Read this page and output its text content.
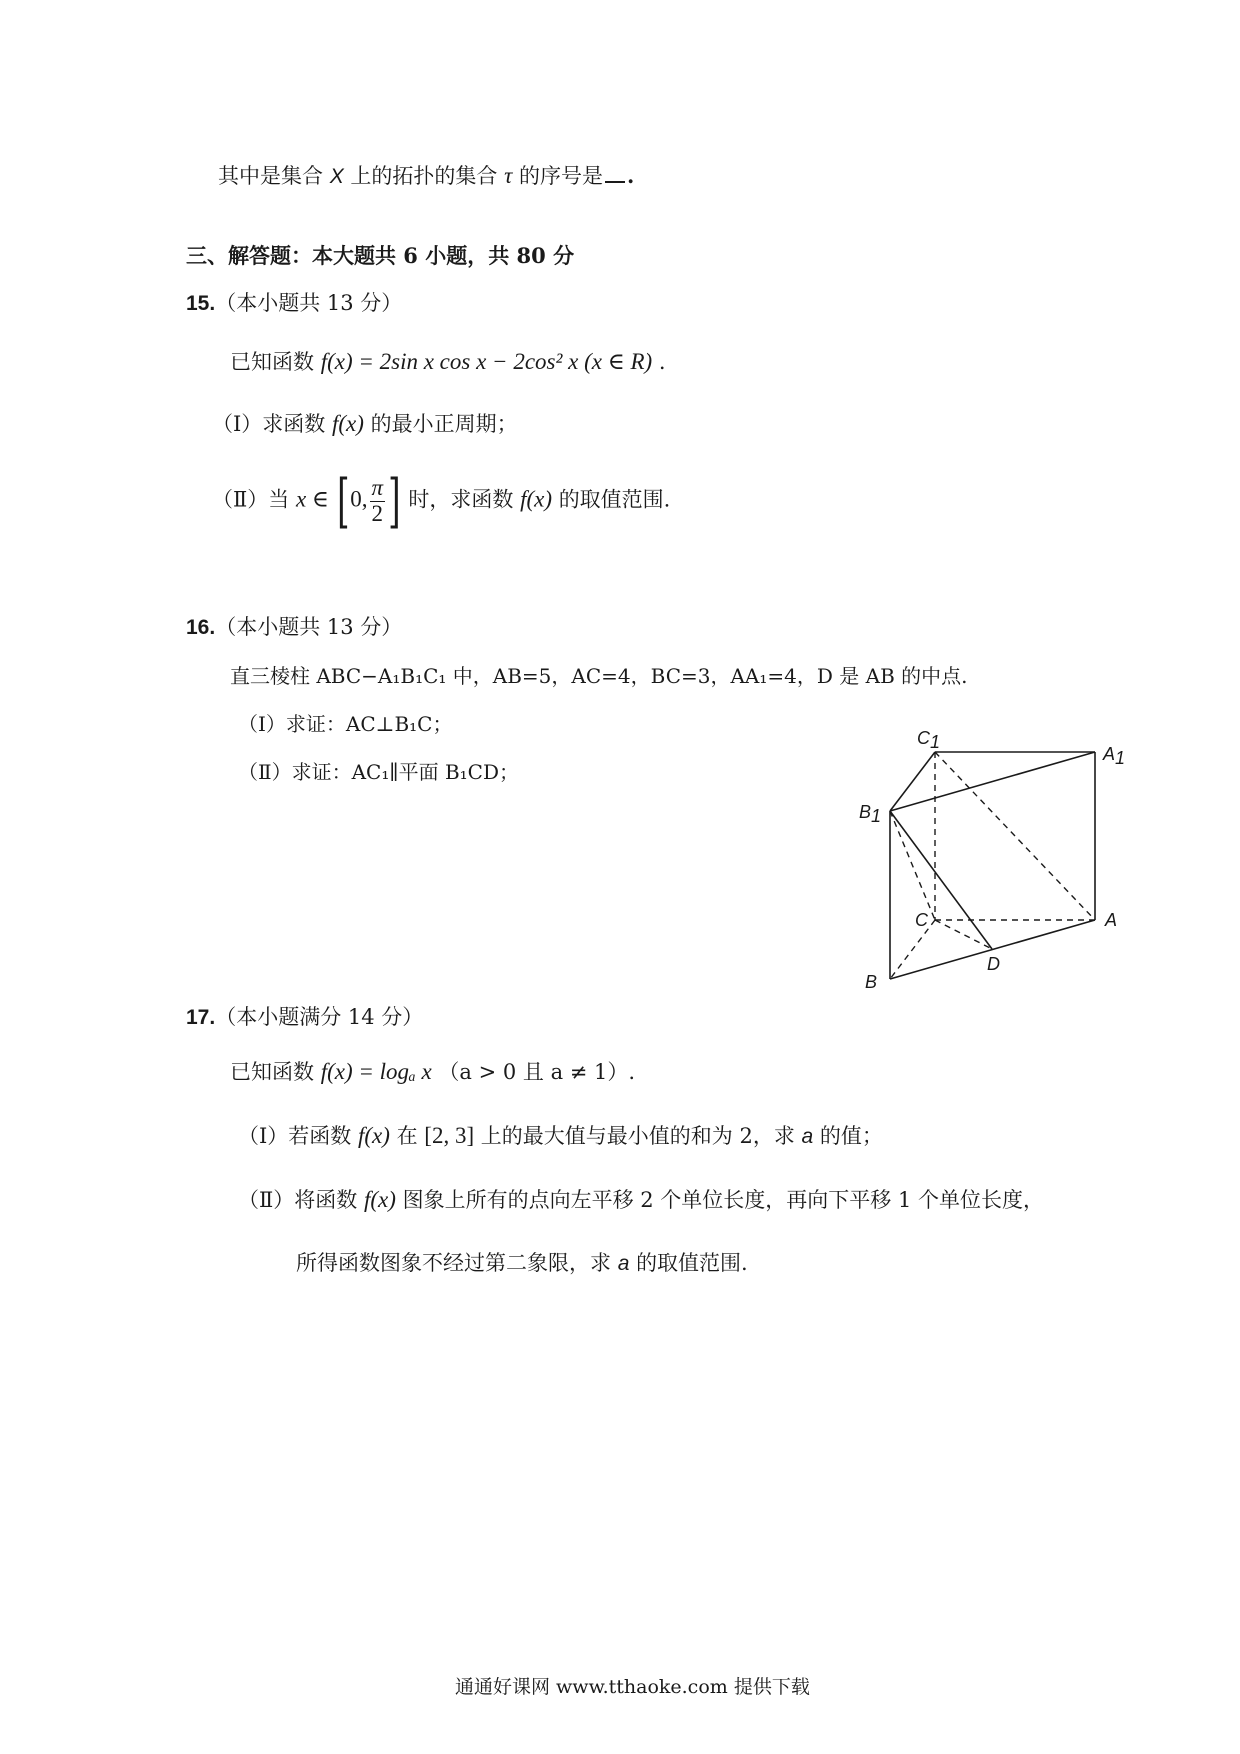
其中是集合 X 上的拓扑的集合 τ 的序号是 .
三、解答题：本大题共 6 小题，共 80 分
15.（本小题共 13 分）
已知函数 f(x) = 2sin x cos x − 2cos² x (x ∈ R) .
（Ⅰ）求函数 f(x) 的最小正周期；
（Ⅱ）当 x ∈ [0, $\frac{\pi}{2}$ ] 时，求函数 f(x) 的取值范围.
16.（本小题共 13 分）
直三棱柱 ABC−A₁B₁C₁ 中，AB=5，AC=4，BC=3，AA₁=4，D 是 AB 的中点.
（Ⅰ）求证：AC⊥B₁C；
（Ⅱ）求证：AC₁∥平面 B₁CD；
C1
A1
B1
C	A
D
B
17.（本小题满分 14 分）
已知函数 f(x) = logₐ x （a > 0 且 a ≠ 1）.
（Ⅰ）若函数 f(x) 在 [2, 3] 上的最大值与最小值的和为 2，求 a 的值；
（Ⅱ）将函数 f(x) 图象上所有的点向左平移 2 个单位长度，再向下平移 1 个单位长度，
所得函数图象不经过第二象限，求 a 的取值范围.
通通好课网 www.tthaoke.com 提供下载
